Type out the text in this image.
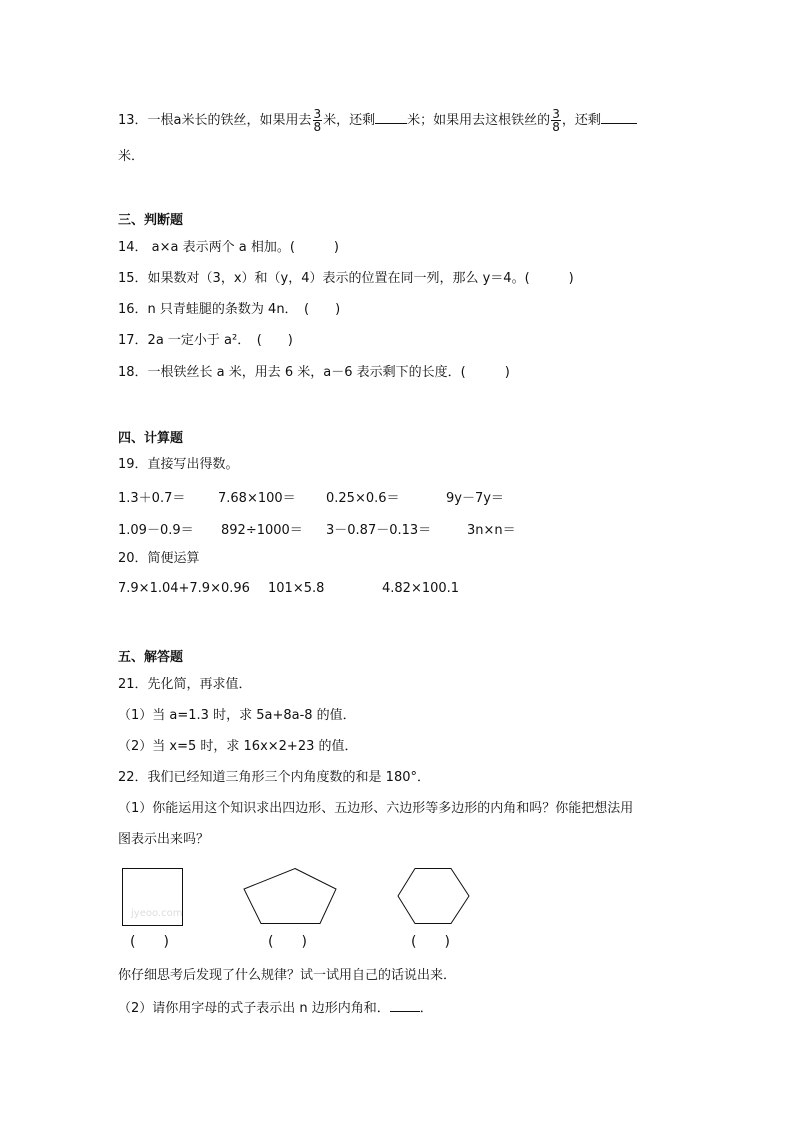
13．一根a米长的铁丝，如果用去 $\frac{3}{8}$ 米，还剩 米；如果用去这根铁丝的 $\frac{3}{8}$ ，还剩
米．
三、判断题
14． a×a 表示两个 a 相加。(　　　)
15．如果数对（3，x）和（y，4）表示的位置在同一列，那么 y＝4。(　　　)
16．n 只青蛙腿的条数为 4n．　(　　)
17．2a 一定小于 a²．　(　　)
18．一根铁丝长 a 米，用去 6 米，a－6 表示剩下的长度．(　　　)
四、计算题
19．直接写出得数。
1.3＋0.7＝	7.68×100＝ 0.25×0.6＝	9y－7y＝
1.09－0.9＝ 892÷1000＝ 3－0.87－0.13＝	3n×n＝
20．简便运算
7.9×1.04+7.9×0.96 101×5.8	4.82×100.1
五、解答题
21．先化简，再求值．
（1）当 a=1.3 时，求 5a+8a-8 的值．
（2）当 x=5 时，求 16x×2+23 的值．
22．我们已经知道三角形三个内角度数的和是 180°．
（1）你能运用这个知识求出四边形、五边形、六边形等多边形的内角和吗？你能把想法用
图表示出来吗？
jyeoo.com
(　　)	(　　)	(　　)
你仔细思考后发现了什么规律？试一试用自己的话说出来．
（2）请你用字母的式子表示出 n 边形内角和． ．
